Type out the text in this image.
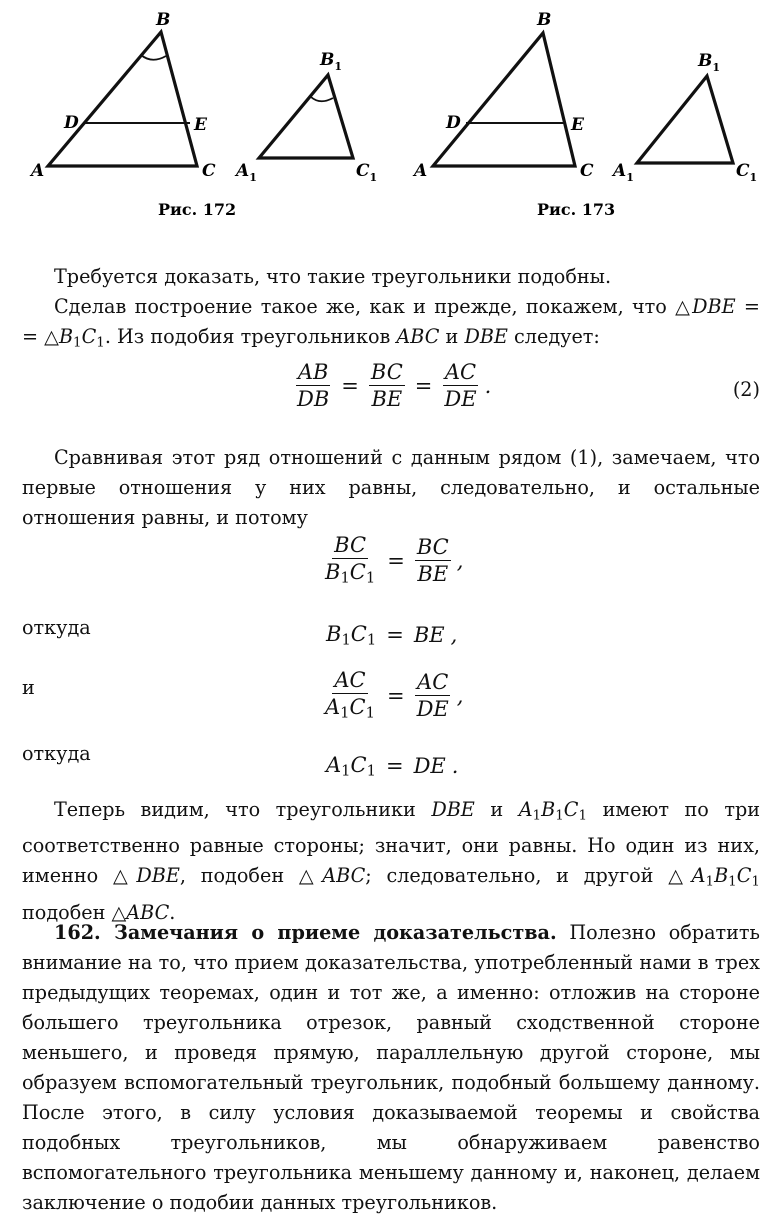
B
D	E
A	C
$B_1$
$A_1$	$C_1$
Рис. 172
B
D	E
A	C
$B_1$
$A_1$	$C_1$
Рис. 173

Требуется доказать, что такие треугольники подобны.

Сделав построение такое же, как и прежде, покажем, что △DBE =

= $\triangle B_1C_1$. Из подобия треугольников ABC и DBE следует:

$\frac{AB}{DB} = \frac{BC}{BE} = \frac{AC}{DE}$ .	(2)

Сравнивая этот ряд отношений с данным рядом (1), замечаем, что первые отношения у них равны, следовательно, и остальные отношения равны, и потому

$\frac{BC}{B_1C_1} = \frac{BC}{BE}$ ,
откуда	$B_1C_1$ = BE ,
и	$\frac{AC}{A_1C_1} = \frac{AC}{DE}$ ,
откуда	$A_1C_1$ = DE .

Теперь видим, что треугольники DBE и $A_1B_1C_1$ имеют по три соответственно равные стороны; значит, они равны. Но один из них, именно △DBE, подобен △ABC; следовательно, и другой $\triangle A_1B_1C_1$ подобен △ABC.

162. Замечания о приеме доказательства. Полезно обратить внимание на то, что прием доказательства, употребленный нами в трех предыдущих теоремах, один и тот же, а именно: отложив на стороне большего треугольника отрезок, равный сходственной стороне меньшего, и проведя прямую, параллельную другой стороне, мы образуем вспомогательный треугольник, подобный большему данному. После этого, в силу условия доказываемой теоремы и свойства подобных треугольников, мы обнаруживаем равенство вспомогательного треугольника меньшему данному и, наконец, делаем заключение о подобии данных треугольников.
